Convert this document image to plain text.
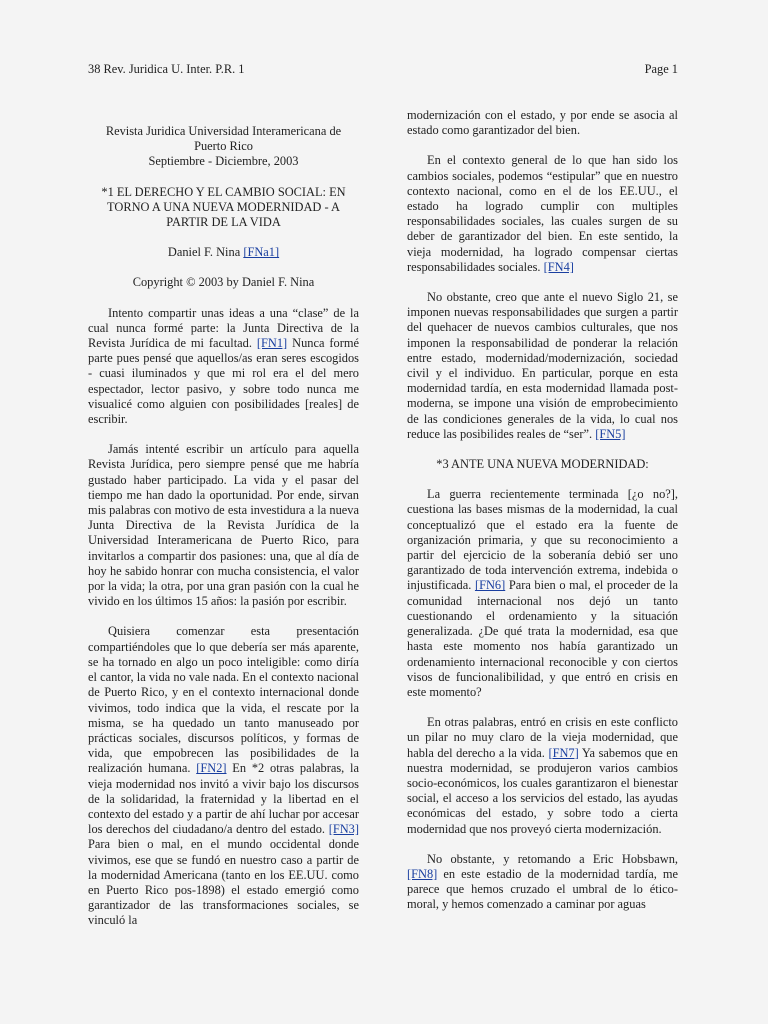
38 Rev. Juridica U. Inter. P.R. 1	Page 1
Revista Juridica Universidad Interamericana de
Puerto Rico
Septiembre - Diciembre, 2003
*1 EL DERECHO Y EL CAMBIO SOCIAL: EN
TORNO A UNA NUEVA MODERNIDAD - A
PARTIR DE LA VIDA

Daniel F. Nina [FNa1]

Copyright © 2003 by Daniel F. Nina

Intento compartir unas ideas a una “clase” de la cual nunca formé parte: la Junta Directiva de la Revista Jurídica de mi facultad. [FN1] Nunca formé parte pues pensé que aquellos/as eran seres escogidos - cuasi iluminados y que mi rol era el del mero espectador, lector pasivo, y sobre todo nunca me visualicé como alguien con posibilidades [reales] de escribir.

Jamás intenté escribir un artículo para aquella Revista Jurídica, pero siempre pensé que me habría gustado haber participado. La vida y el pasar del tiempo me han dado la oportunidad. Por ende, sirvan mis palabras con motivo de esta investidura a la nueva Junta Directiva de la Revista Jurídica de la Universidad Interamericana de Puerto Rico, para invitarlos a compartir dos pasiones: una, que al día de hoy he sabido honrar con mucha consistencia, el valor por la vida; la otra, por una gran pasión con la cual he vivido en los últimos 15 años: la pasión por escribir.

Quisiera comenzar esta presentación compartiéndoles que lo que debería ser más aparente, se ha tornado en algo un poco inteligible: como diría el cantor, la vida no vale nada. En el contexto nacional de Puerto Rico, y en el contexto internacional donde vivimos, todo indica que la vida, el rescate por la misma, se ha quedado un tanto manuseado por prácticas sociales, discursos políticos, y formas de vida, que empobrecen las posibilidades de la realización humana. [FN2] En *2 otras palabras, la vieja modernidad nos invitó a vivir bajo los discursos de la solidaridad, la fraternidad y la libertad en el contexto del estado y a partir de ahí luchar por accesar los derechos del ciudadano/a dentro del estado. [FN3] Para bien o mal, en el mundo occidental donde vivimos, ese que se fundó en nuestro caso a partir de la modernidad Americana (tanto en los EE.UU. como en Puerto Rico pos-1898) el estado emergió como garantizador de las transformaciones sociales, se vinculó la

modernización con el estado, y por ende se asocia al estado como garantizador del bien.

En el contexto general de lo que han sido los cambios sociales, podemos “estipular” que en nuestro contexto nacional, como en el de los EE.UU., el estado ha logrado cumplir con multiples responsabilidades sociales, las cuales surgen de su deber de garantizador del bien. En este sentido, la vieja modernidad, ha logrado compensar ciertas responsabilidades sociales. [FN4]

No obstante, creo que ante el nuevo Siglo 21, se imponen nuevas responsabilidades que surgen a partir del quehacer de nuevos cambios culturales, que nos imponen la responsabilidad de ponderar la relación entre estado, modernidad/modernización, sociedad civil y el individuo. En particular, porque en esta modernidad tardía, en esta modernidad llamada post-moderna, se impone una visión de emprobecimiento de las condiciones generales de la vida, lo cual nos reduce las posibilides reales de “ser”. [FN5]

*3 ANTE UNA NUEVA MODERNIDAD:

La guerra recientemente terminada [¿o no?], cuestiona las bases mismas de la modernidad, la cual conceptualizó que el estado era la fuente de organización primaria, y que su reconocimiento a partir del ejercicio de la soberanía debió ser uno garantizado de toda intervención extrema, indebida o injustificada. [FN6] Para bien o mal, el proceder de la comunidad internacional nos dejó un tanto cuestionando el ordenamiento y la situación generalizada. ¿De qué trata la modernidad, esa que hasta este momento nos había garantizado un ordenamiento internacional reconocible y con ciertos visos de funcionalibilidad, y que entró en crisis en este momento?

En otras palabras, entró en crisis en este conflicto un pilar no muy claro de la vieja modernidad, que habla del derecho a la vida. [FN7] Ya sabemos que en nuestra modernidad, se produjeron varios cambios socio-económicos, los cuales garantizaron el bienestar social, el acceso a los servicios del estado, las ayudas económicas del estado, y sobre todo a cierta modernidad que nos proveyó cierta modernización.

No obstante, y retomando a Eric Hobsbawn, [FN8] en este estadio de la modernidad tardía, me parece que hemos cruzado el umbral de lo ético-moral, y hemos comenzado a caminar por aguas
